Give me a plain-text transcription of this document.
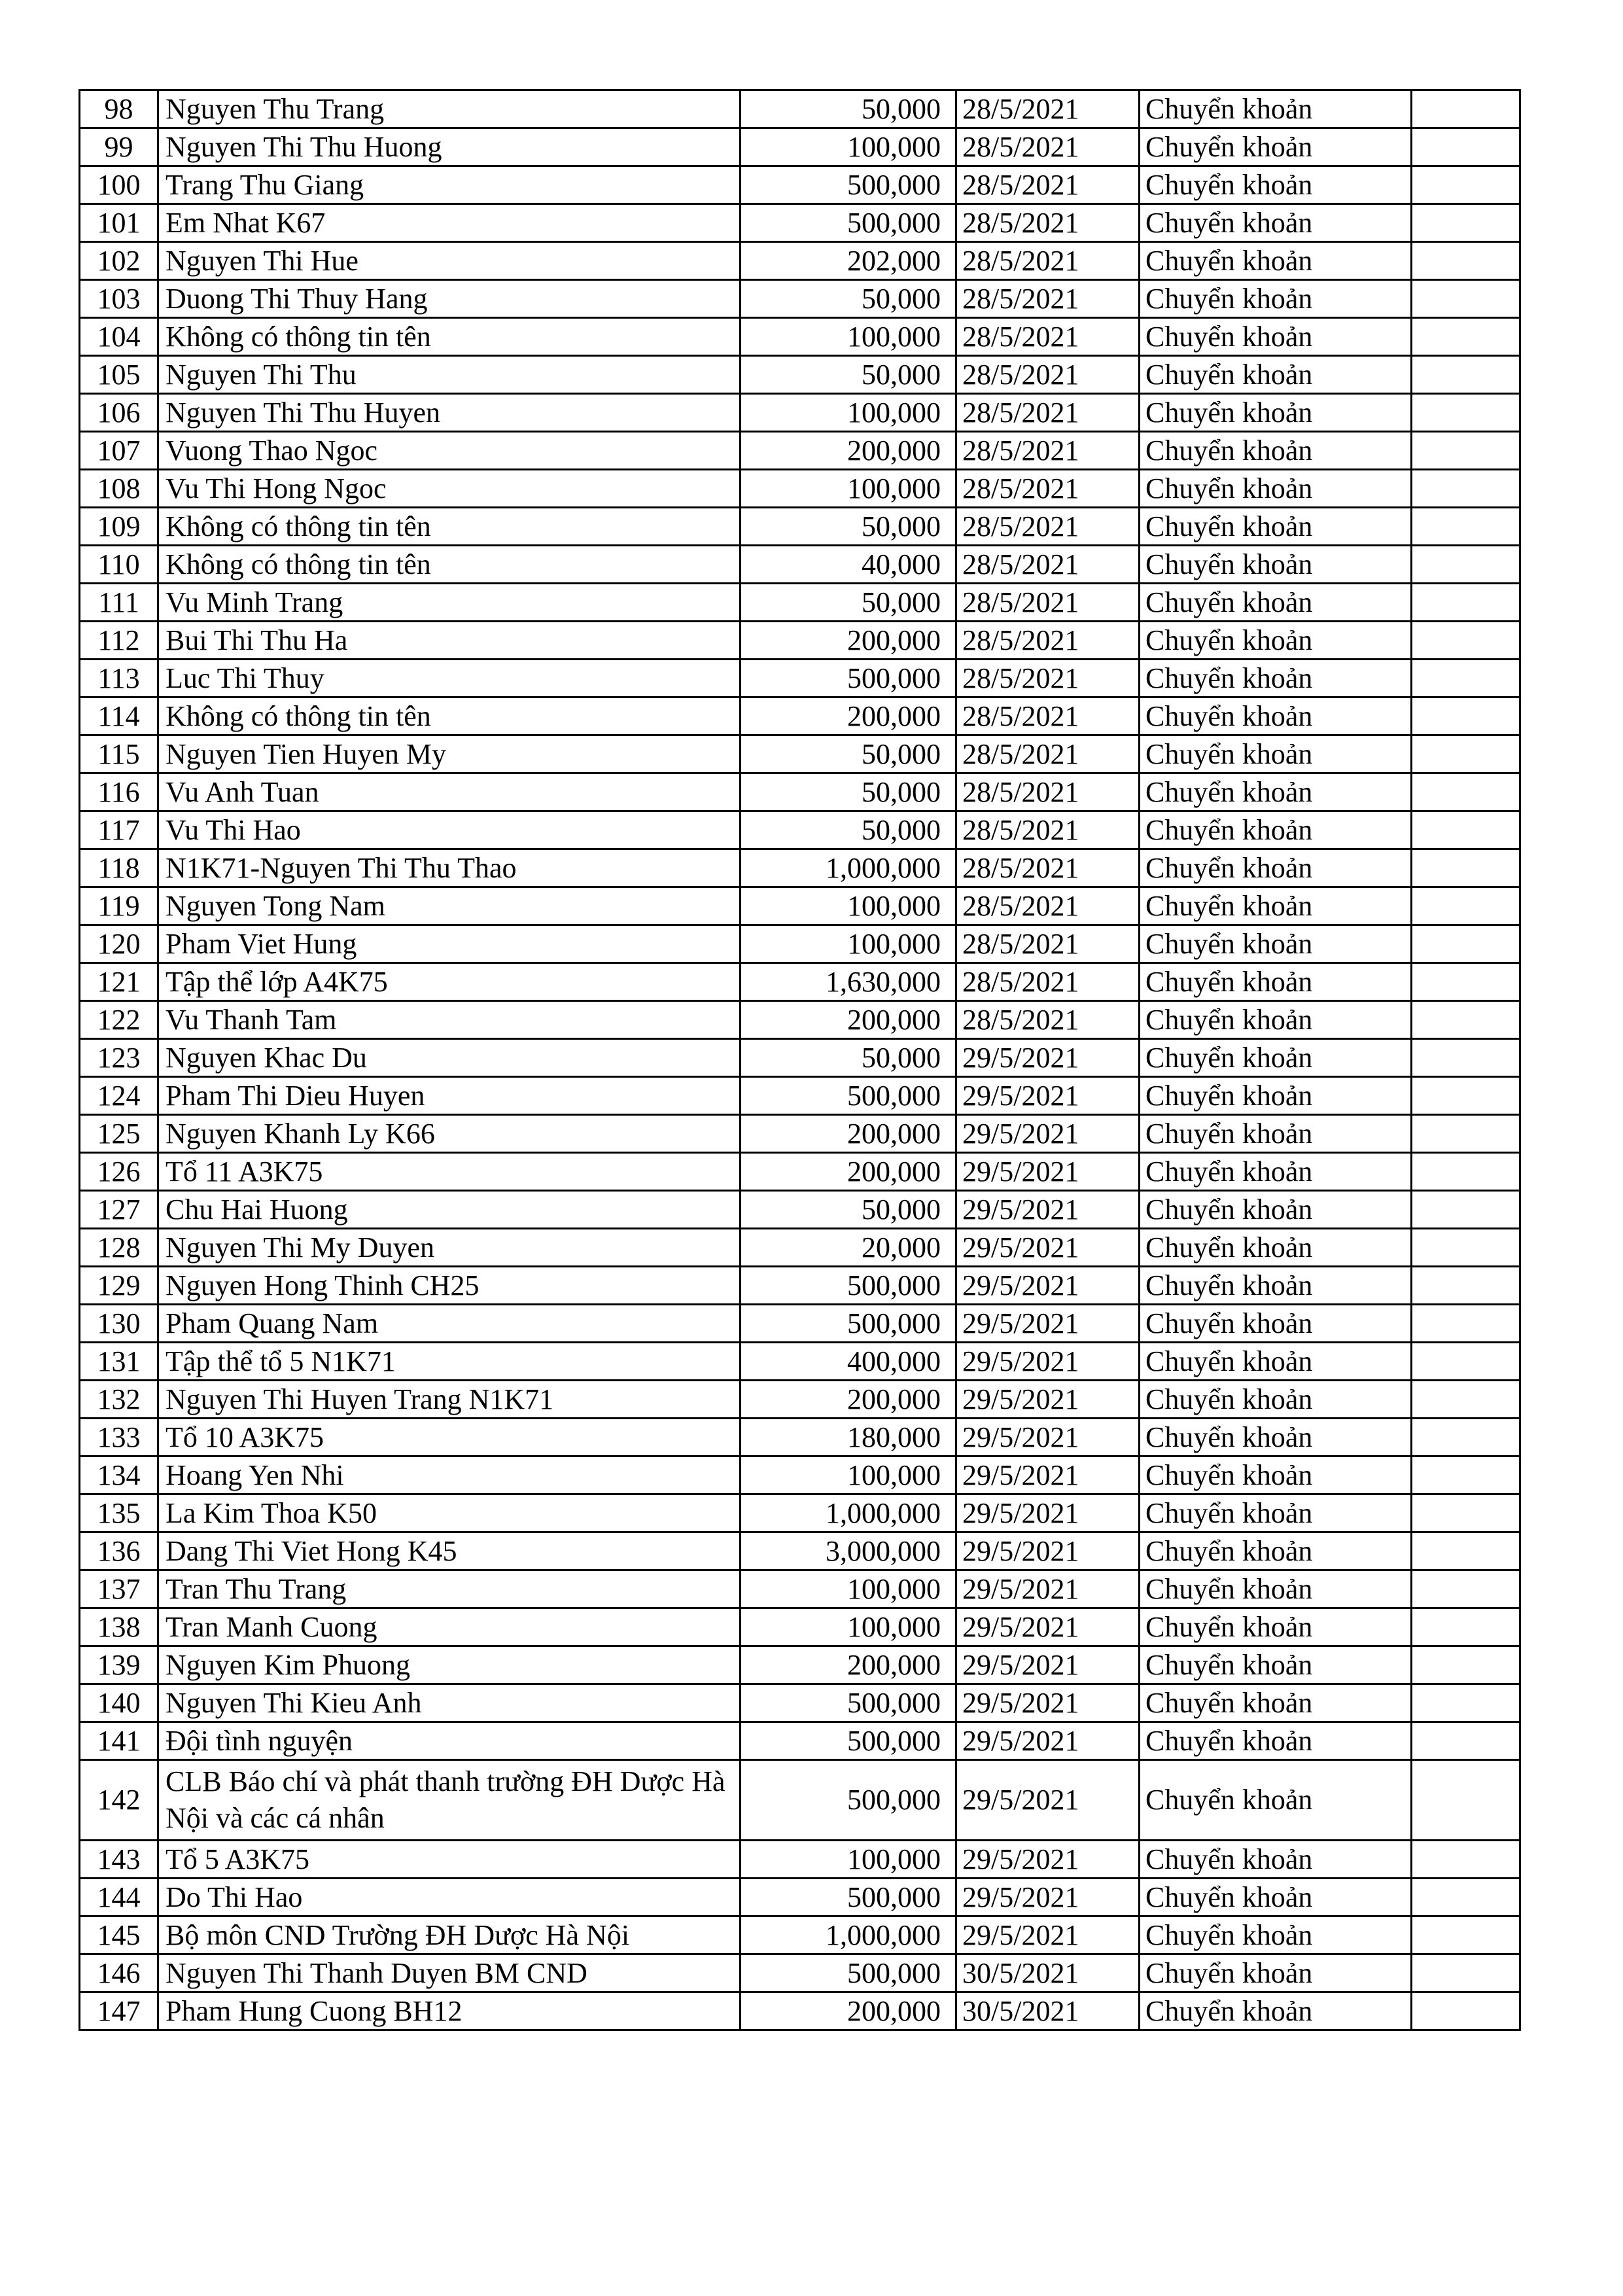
98	Nguyen Thu Trang	50,000	28/5/2021	Chuyển khoản	
99	Nguyen Thi Thu Huong	100,000	28/5/2021	Chuyển khoản	
100	Trang Thu Giang	500,000	28/5/2021	Chuyển khoản	
101	Em Nhat K67	500,000	28/5/2021	Chuyển khoản	
102	Nguyen Thi Hue	202,000	28/5/2021	Chuyển khoản	
103	Duong Thi Thuy Hang	50,000	28/5/2021	Chuyển khoản	
104	Không có thông tin tên	100,000	28/5/2021	Chuyển khoản	
105	Nguyen Thi Thu	50,000	28/5/2021	Chuyển khoản	
106	Nguyen Thi Thu Huyen	100,000	28/5/2021	Chuyển khoản	
107	Vuong Thao Ngoc	200,000	28/5/2021	Chuyển khoản	
108	Vu Thi Hong Ngoc	100,000	28/5/2021	Chuyển khoản	
109	Không có thông tin tên	50,000	28/5/2021	Chuyển khoản	
110	Không có thông tin tên	40,000	28/5/2021	Chuyển khoản	
111	Vu Minh Trang	50,000	28/5/2021	Chuyển khoản	
112	Bui Thi Thu Ha	200,000	28/5/2021	Chuyển khoản	
113	Luc Thi Thuy	500,000	28/5/2021	Chuyển khoản	
114	Không có thông tin tên	200,000	28/5/2021	Chuyển khoản	
115	Nguyen Tien Huyen My	50,000	28/5/2021	Chuyển khoản	
116	Vu Anh Tuan	50,000	28/5/2021	Chuyển khoản	
117	Vu Thi Hao	50,000	28/5/2021	Chuyển khoản	
118	N1K71-Nguyen Thi Thu Thao	1,000,000	28/5/2021	Chuyển khoản	
119	Nguyen Tong Nam	100,000	28/5/2021	Chuyển khoản	
120	Pham Viet Hung	100,000	28/5/2021	Chuyển khoản	
121	Tập thể lớp A4K75	1,630,000	28/5/2021	Chuyển khoản	
122	Vu Thanh Tam	200,000	28/5/2021	Chuyển khoản	
123	Nguyen Khac Du	50,000	29/5/2021	Chuyển khoản	
124	Pham Thi Dieu Huyen	500,000	29/5/2021	Chuyển khoản	
125	Nguyen Khanh Ly K66	200,000	29/5/2021	Chuyển khoản	
126	Tổ 11 A3K75	200,000	29/5/2021	Chuyển khoản	
127	Chu Hai Huong	50,000	29/5/2021	Chuyển khoản	
128	Nguyen Thi My Duyen	20,000	29/5/2021	Chuyển khoản	
129	Nguyen Hong Thinh CH25	500,000	29/5/2021	Chuyển khoản	
130	Pham Quang Nam	500,000	29/5/2021	Chuyển khoản	
131	Tập thể tổ 5 N1K71	400,000	29/5/2021	Chuyển khoản	
132	Nguyen Thi Huyen Trang N1K71	200,000	29/5/2021	Chuyển khoản	
133	Tổ 10 A3K75	180,000	29/5/2021	Chuyển khoản	
134	Hoang Yen Nhi	100,000	29/5/2021	Chuyển khoản	
135	La Kim Thoa K50	1,000,000	29/5/2021	Chuyển khoản	
136	Dang Thi Viet Hong K45	3,000,000	29/5/2021	Chuyển khoản	
137	Tran Thu Trang	100,000	29/5/2021	Chuyển khoản	
138	Tran Manh Cuong	100,000	29/5/2021	Chuyển khoản	
139	Nguyen Kim Phuong	200,000	29/5/2021	Chuyển khoản	
140	Nguyen Thi Kieu Anh	500,000	29/5/2021	Chuyển khoản	
141	Đội tình nguyện	500,000	29/5/2021	Chuyển khoản	
142	CLB Báo chí và phát thanh trường ĐH Dược Hà Nội và các cá nhân	500,000	29/5/2021	Chuyển khoản	
143	Tổ 5 A3K75	100,000	29/5/2021	Chuyển khoản	
144	Do Thi Hao	500,000	29/5/2021	Chuyển khoản	
145	Bộ môn CND Trường ĐH Dược Hà Nội	1,000,000	29/5/2021	Chuyển khoản	
146	Nguyen Thi Thanh Duyen BM CND	500,000	30/5/2021	Chuyển khoản	
147	Pham Hung Cuong BH12	200,000	30/5/2021	Chuyển khoản	
